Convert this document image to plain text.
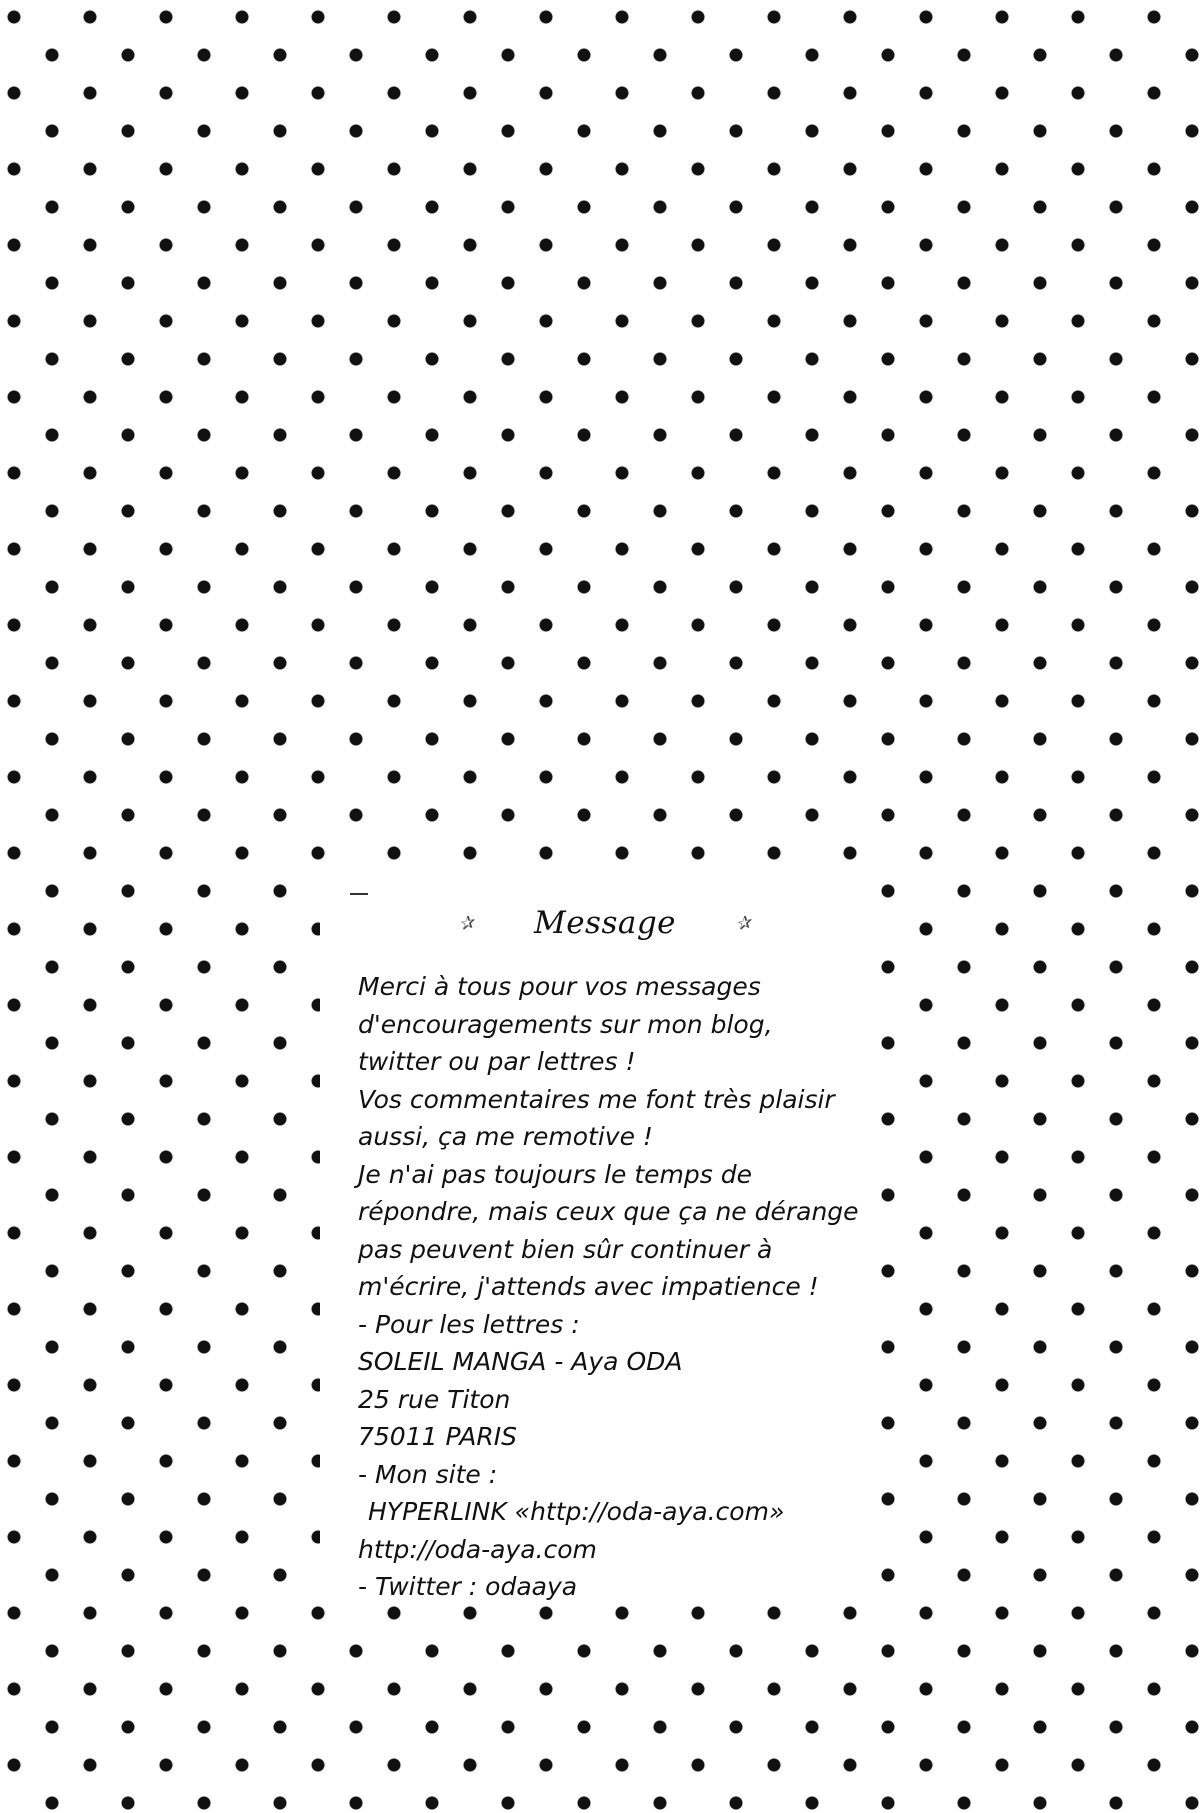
✰ Message	✰
Merci à tous pour vos messages
d'encouragements sur mon blog,
twitter ou par lettres !
Vos commentaires me font très plaisir
aussi, ça me remotive !
Je n'ai pas toujours le temps de
répondre, mais ceux que ça ne dérange
pas peuvent bien sûr continuer à
m'écrire, j'attends avec impatience !
- Pour les lettres :
SOLEIL MANGA - Aya ODA
25 rue Titon
75011 PARIS
- Mon site :
HYPERLINK «http://oda-aya.com»
http://oda-aya.com
- Twitter : odaaya
